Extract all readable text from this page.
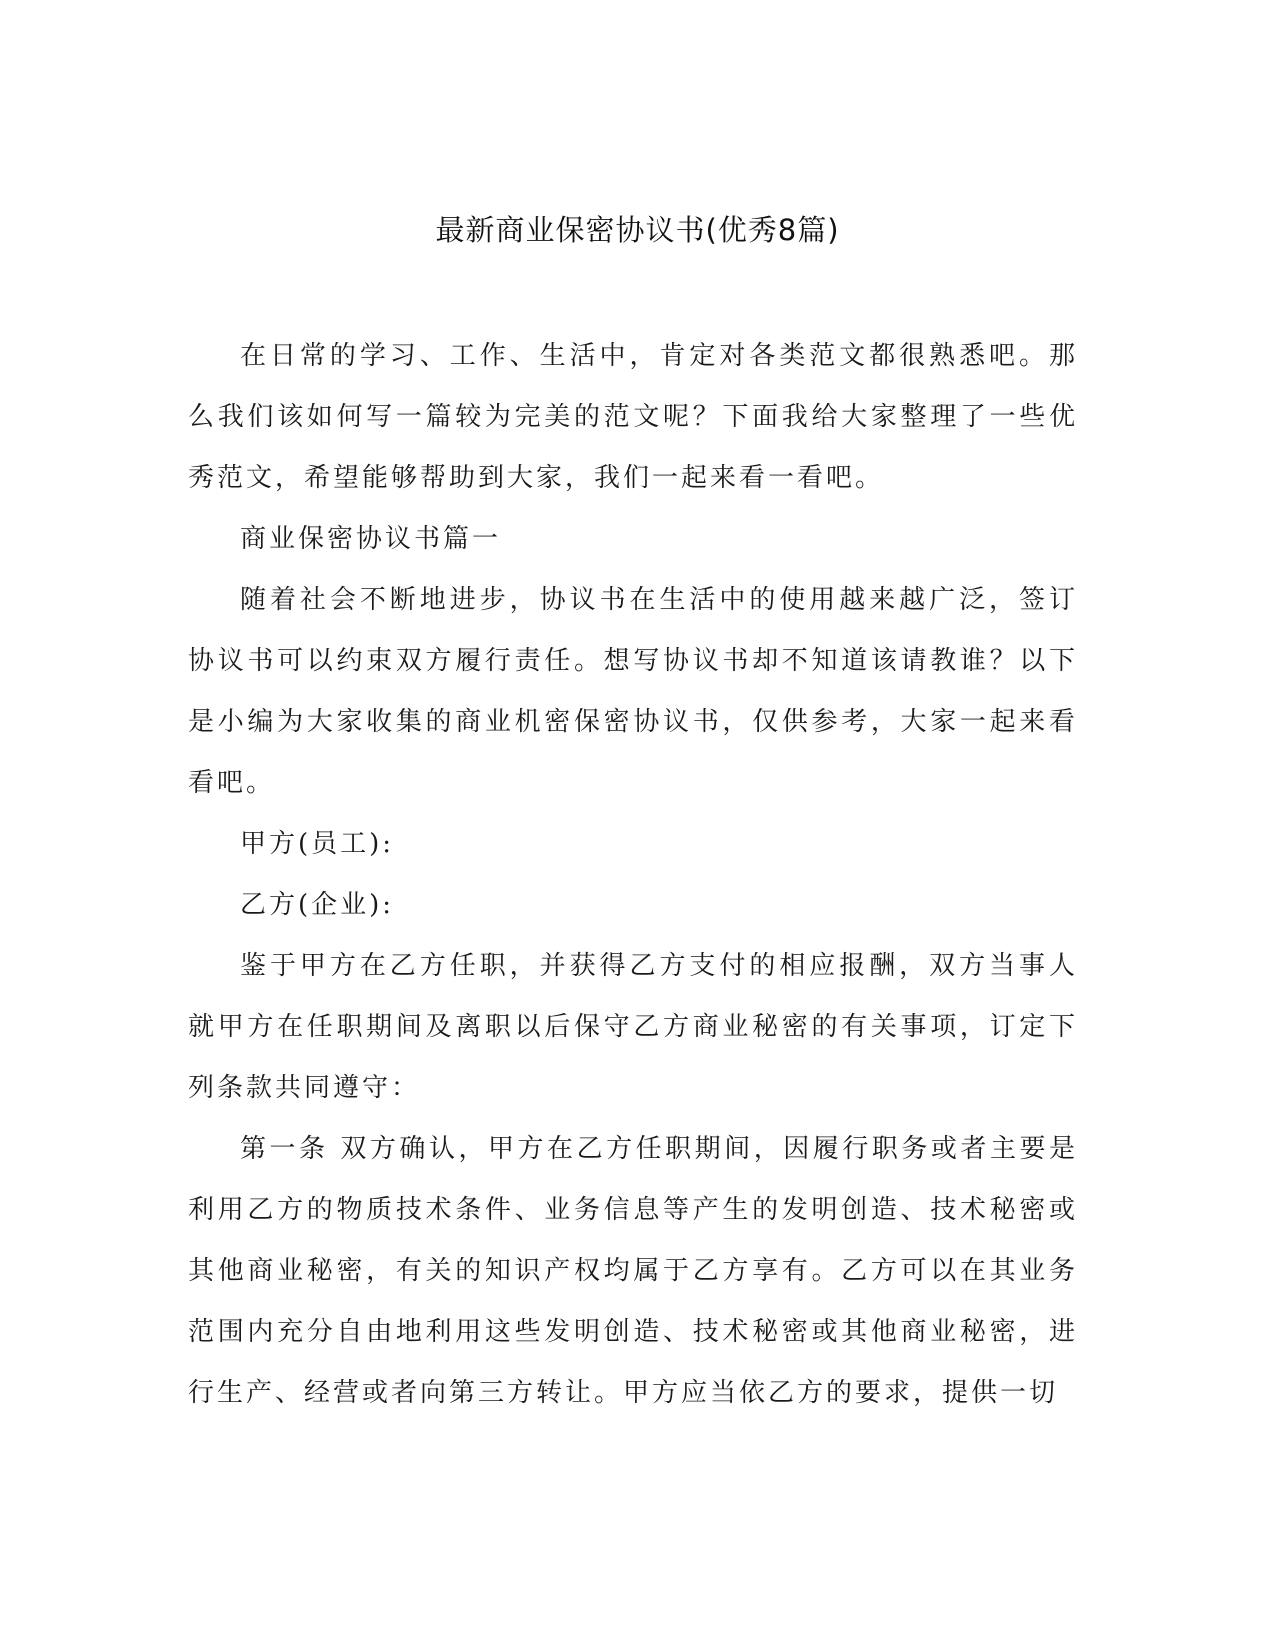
最新商业保密协议书(优秀8篇)

在日常的学习、工作、生活中，肯定对各类范文都很熟悉吧。那么我们该如何写一篇较为完美的范文呢？下面我给大家整理了一些优秀范文，希望能够帮助到大家，我们一起来看一看吧。

商业保密协议书篇一

随着社会不断地进步，协议书在生活中的使用越来越广泛，签订协议书可以约束双方履行责任。想写协议书却不知道该请教谁？以下是小编为大家收集的商业机密保密协议书，仅供参考，大家一起来看看吧。

甲方(员工):

乙方(企业):

鉴于甲方在乙方任职，并获得乙方支付的相应报酬，双方当事人就甲方在任职期间及离职以后保守乙方商业秘密的有关事项，订定下列条款共同遵守：

第一条 双方确认，甲方在乙方任职期间，因履行职务或者主要是利用乙方的物质技术条件、业务信息等产生的发明创造、技术秘密或其他商业秘密，有关的知识产权均属于乙方享有。乙方可以在其业务范围内充分自由地利用这些发明创造、技术秘密或其他商业秘密，进行生产、经营或者向第三方转让。甲方应当依乙方的要求，提供一切
